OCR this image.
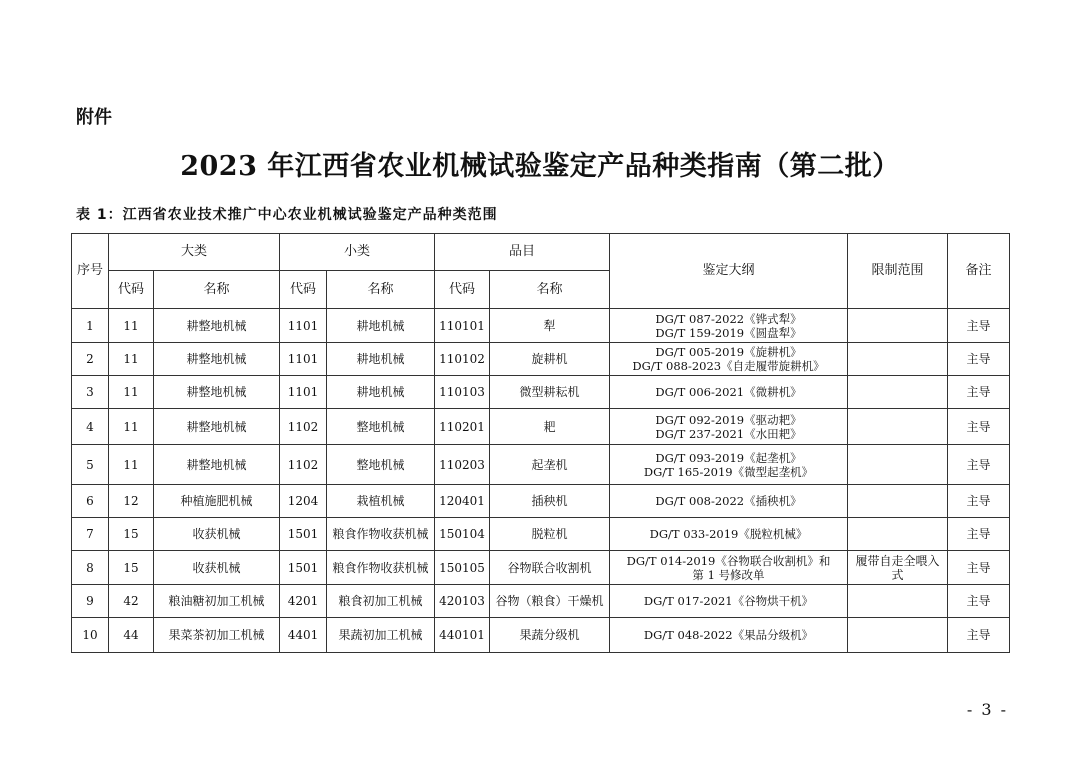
附件
2023 年江西省农业机械试验鉴定产品种类指南（第二批）
表 1：江西省农业技术推广中心农业机械试验鉴定产品种类范围
序号	大类		小类		品目		鉴定大纲	限制范围	备注
	代码	名称	代码	名称	代码	名称			
1	11	耕整地机械	1101	耕地机械	110101	犁	DG/T 087-2022《铧式犁》
DG/T 159-2019《圆盘犁》		主导
2	11	耕整地机械	1101	耕地机械	110102	旋耕机	DG/T 005-2019《旋耕机》
DG/T 088-2023《自走履带旋耕机》		主导
3	11	耕整地机械	1101	耕地机械	110103	微型耕耘机	DG/T 006-2021《微耕机》		主导
4	11	耕整地机械	1102	整地机械	110201	耙	DG/T 092-2019《驱动耙》
DG/T 237-2021《水田耙》		主导
5	11	耕整地机械	1102	整地机械	110203	起垄机	DG/T 093-2019《起垄机》
DG/T 165-2019《微型起垄机》		主导
6	12	种植施肥机械	1204	栽植机械	120401	插秧机	DG/T 008-2022《插秧机》		主导
7	15	收获机械	1501	粮食作物收获机械	150104	脱粒机	DG/T 033-2019《脱粒机械》		主导
8	15	收获机械	1501	粮食作物收获机械	150105	谷物联合收割机	DG/T 014-2019《谷物联合收割机》和
第 1 号修改单	履带自走全喂入式	主导
9	42	粮油糖初加工机械	4201	粮食初加工机械	420103	谷物（粮食）干燥机	DG/T 017-2021《谷物烘干机》		主导
10	44	果菜茶初加工机械	4401	果蔬初加工机械	440101	果蔬分级机	DG/T 048-2022《果品分级机》		主导
- 3 -
